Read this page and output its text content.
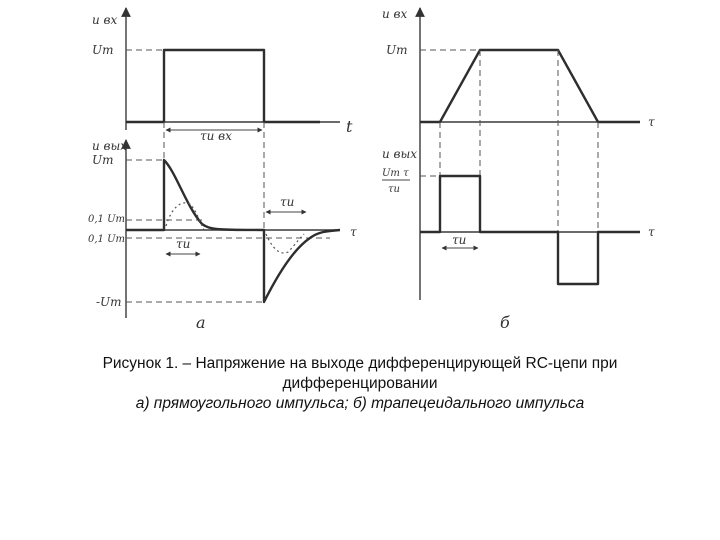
u вх
Um
t
τи вх
u вых
Um
0,1 Um
0,1 Um
-Um
τ
τи
τи
а
u вх
Um
τ
u вых
Um τ
τи
τ
τи
б
Рисунок 1. – Напряжение на выходе дифференцирующей RC-цепи при
дифференцировании
а) прямоугольного импульса; б) трапецеидального импульса
